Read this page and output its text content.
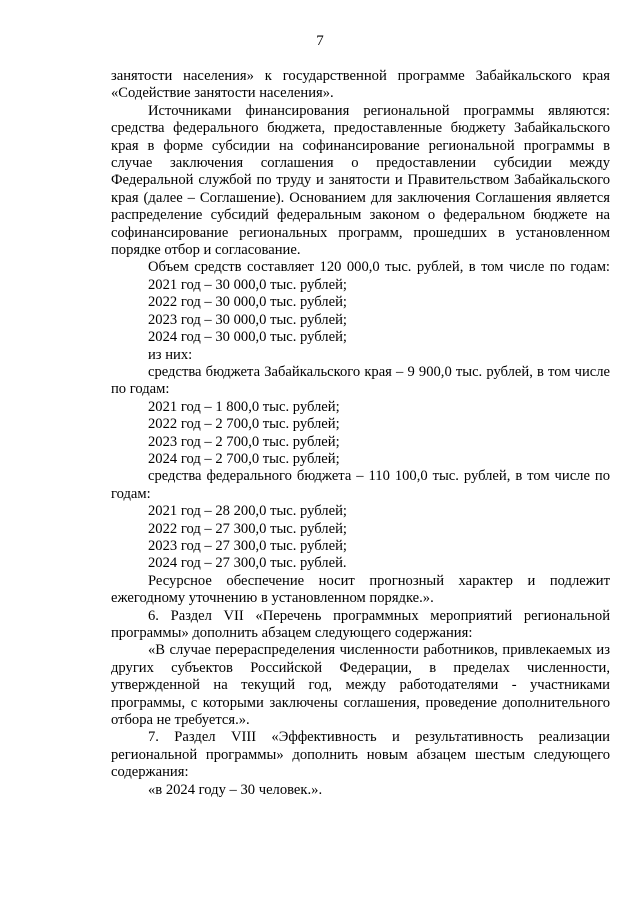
7

занятости населения» к государственной программе Забайкальского края «Содействие занятости населения».

Источниками финансирования региональной программы являются: средства федерального бюджета, предоставленные бюджету Забайкальского края в форме субсидии на софинансирование региональной программы в случае заключения соглашения о предоставлении субсидии между Федеральной службой по труду и занятости и Правительством Забайкальского края (далее – Соглашение). Основанием для заключения Соглашения является распределение субсидий федеральным законом о федеральном бюджете на софинансирование региональных программ, прошедших в установленном порядке отбор и согласование.

Объем средств составляет 120 000,0 тыс. рублей, в том числе по годам:

2021 год – 30 000,0 тыс. рублей;

2022 год – 30 000,0 тыс. рублей;

2023 год – 30 000,0 тыс. рублей;

2024 год – 30 000,0 тыс. рублей;

из них:

средства бюджета Забайкальского края – 9 900,0 тыс. рублей, в том числе по годам:

2021 год – 1 800,0 тыс. рублей;

2022 год – 2 700,0 тыс. рублей;

2023 год – 2 700,0 тыс. рублей;

2024 год – 2 700,0 тыс. рублей;

средства федерального бюджета – 110 100,0 тыс. рублей, в том числе по годам:

2021 год – 28 200,0 тыс. рублей;

2022 год – 27 300,0 тыс. рублей;

2023 год – 27 300,0 тыс. рублей;

2024 год – 27 300,0 тыс. рублей.

Ресурсное обеспечение носит прогнозный характер и подлежит ежегодному уточнению в установленном порядке.».

6. Раздел VII «Перечень программных мероприятий региональной программы» дополнить абзацем следующего содержания:

«В случае перераспределения численности работников, привлекаемых из других субъектов Российской Федерации, в пределах численности, утвержденной на текущий год, между работодателями - участниками программы, с которыми заключены соглашения, проведение дополнительного отбора не требуется.».

7. Раздел VIII «Эффективность и результативность реализации региональной программы» дополнить новым абзацем шестым следующего содержания:

«в 2024 году – 30 человек.».
